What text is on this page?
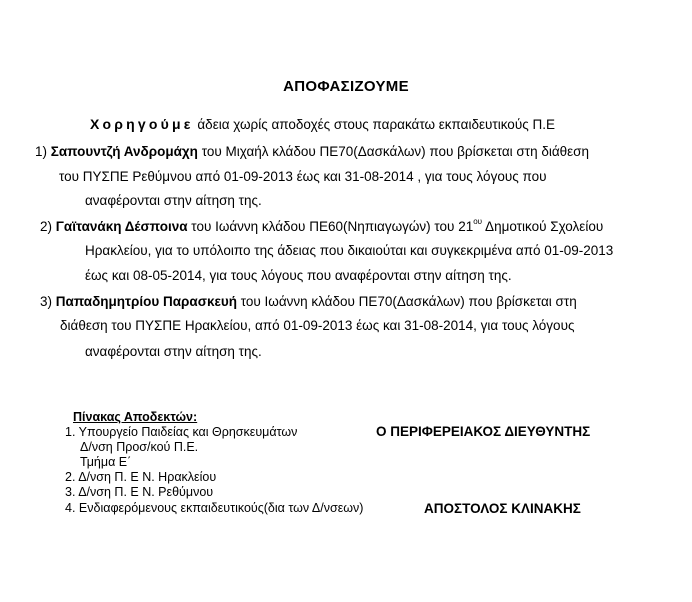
ΑΠΟΦΑΣΙΖΟΥΜΕ
Χορηγούμε άδεια χωρίς αποδοχές στους παρακάτω εκπαιδευτικούς Π.Ε
1) Σαπουντζή Ανδρομάχη του Μιχαήλ κλάδου ΠΕ70(Δασκάλων) που βρίσκεται στη διάθεση
του ΠΥΣΠΕ Ρεθύμνου από 01-09-2013 έως και 31-08-2014 , για τους λόγους που
αναφέρονται στην αίτηση της.
2) Γαϊτανάκη Δέσποινα του Ιωάννη κλάδου ΠΕ60(Νηπιαγωγών) του $21^{o\upsilon}$ Δημοτικού Σχολείου
Ηρακλείου, για το υπόλοιπο της άδειας που δικαιούται και συγκεκριμένα από 01-09-2013
έως και 08-05-2014, για τους λόγους που αναφέρονται στην αίτηση της.
3) Παπαδημητρίου Παρασκευή του Ιωάννη κλάδου ΠΕ70(Δασκάλων) που βρίσκεται στη
διάθεση του ΠΥΣΠΕ Ηρακλείου, από 01-09-2013 έως και 31-08-2014, για τους λόγους
αναφέρονται στην αίτηση της.
Πίνακας Αποδεκτών:
1. Υπουργείο Παιδείας και Θρησκευμάτων
Δ/νση Προσ/κού Π.Ε.
Τμήμα Ε΄
2. Δ/νση Π. Ε Ν. Ηρακλείου
3. Δ/νση Π. Ε Ν. Ρεθύμνου
4. Ενδιαφερόμενους εκπαιδευτικούς(δια των Δ/νσεων)
Ο ΠΕΡΙΦΕΡΕΙΑΚΟΣ ΔΙΕΥΘΥΝΤΗΣ
ΑΠΟΣΤΟΛΟΣ ΚΛΙΝΑΚΗΣ
